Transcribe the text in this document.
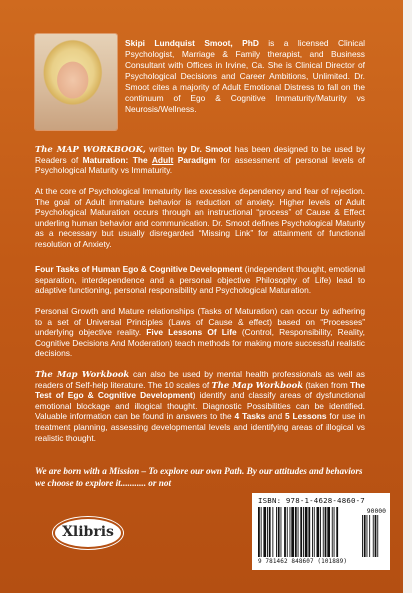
Skipi Lundquist Smoot, PhD is a licensed Clinical Psychologist, Marriage & Family therapist, and Business Consultant with Offices in Irvine, Ca. She is Clinical Director of Psychological Decisions and Career Ambitions, Unlimited. Dr. Smoot cites a majority of Adult Emotional Distress to fall on the continuum of Ego & Cognitive Immaturity/Maturity vs Neurosis/Wellness.
The MAP WORKBOOK, written by Dr. Smoot has been designed to be used by Readers of Maturation: The Adult Paradigm for assessment of personal levels of Psychological Maturity vs Immaturity.
At the core of Psychological Immaturity lies excessive dependency and fear of rejection. The goal of Adult immature behavior is reduction of anxiety. Higher levels of Adult Psychological Maturation occurs through an instructional “process” of Cause & Effect underling human behavior and communication. Dr. Smoot defines Psychological Maturity as a necessary but usually disregarded “Missing Link” for attainment of functional resolution of Anxiety.
Four Tasks of Human Ego & Cognitive Development (independent thought, emotional separation, interdependence and a personal objective Philosophy of Life) lead to adaptive functioning, personal responsibility and Psychological Maturation.
Personal Growth and Mature relationships (Tasks of Maturation) can occur by adhering to a set of Universal Principles (Laws of Cause & effect) based on “Processes” underlying objective reality. Five Lessons Of Life (Control, Responsibility, Reality, Cognitive Decisions And Moderation) teach methods for making more successful realistic decisions.
The Map Workbook can also be used by mental health professionals as well as readers of Self-help literature. The 10 scales of The Map Workbook (taken from The Test of Ego & Cognitive Development) identify and classify areas of dysfunctional emotional blockage and illogical thought. Diagnostic Possibilities can be identified. Valuable information can be found in answers to the 4 Tasks and 5 Lessons for use in treatment planning, assessing developmental levels and identifying areas of illogical vs realistic thought.
We are born with a Mission – To explore our own Path. By our attitudes and behaviors we choose to explore it........... or not
Xlibris
ISBN: 978-1-4628-4860-7
90000
9 781462 848607 (101889)
